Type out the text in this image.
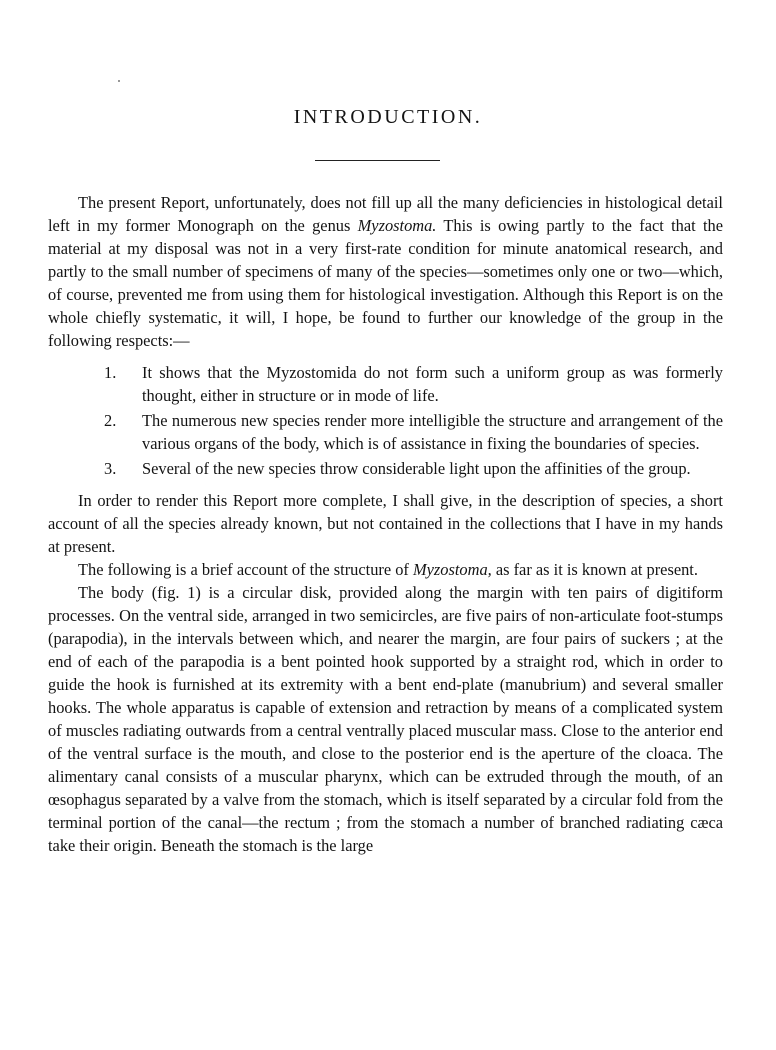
INTRODUCTION.

The present Report, unfortunately, does not fill up all the many deficiencies in histological detail left in my former Monograph on the genus Myzostoma. This is owing partly to the fact that the material at my disposal was not in a very first-rate condition for minute anatomical research, and partly to the small number of specimens of many of the species—sometimes only one or two—which, of course, prevented me from using them for histological investigation. Although this Report is on the whole chiefly systematic, it will, I hope, be found to further our knowledge of the group in the following respects:—

1. It shows that the Myzostomida do not form such a uniform group as was formerly thought, either in structure or in mode of life.
2. The numerous new species render more intelligible the structure and arrangement of the various organs of the body, which is of assistance in fixing the boundaries of species.
3. Several of the new species throw considerable light upon the affinities of the group.

In order to render this Report more complete, I shall give, in the description of species, a short account of all the species already known, but not contained in the collections that I have in my hands at present.

The following is a brief account of the structure of Myzostoma, as far as it is known at present.

The body (fig. 1) is a circular disk, provided along the margin with ten pairs of digitiform processes. On the ventral side, arranged in two semicircles, are five pairs of non-articulate foot-stumps (parapodia), in the intervals between which, and nearer the margin, are four pairs of suckers ; at the end of each of the parapodia is a bent pointed hook supported by a straight rod, which in order to guide the hook is furnished at its extremity with a bent end-plate (manubrium) and several smaller hooks. The whole apparatus is capable of extension and retraction by means of a complicated system of muscles radiating outwards from a central ventrally placed muscular mass. Close to the anterior end of the ventral surface is the mouth, and close to the posterior end is the aperture of the cloaca. The alimentary canal consists of a muscular pharynx, which can be extruded through the mouth, of an œsophagus separated by a valve from the stomach, which is itself separated by a circular fold from the terminal portion of the canal—the rectum ; from the stomach a number of branched radiating cæca take their origin. Beneath the stomach is the large
